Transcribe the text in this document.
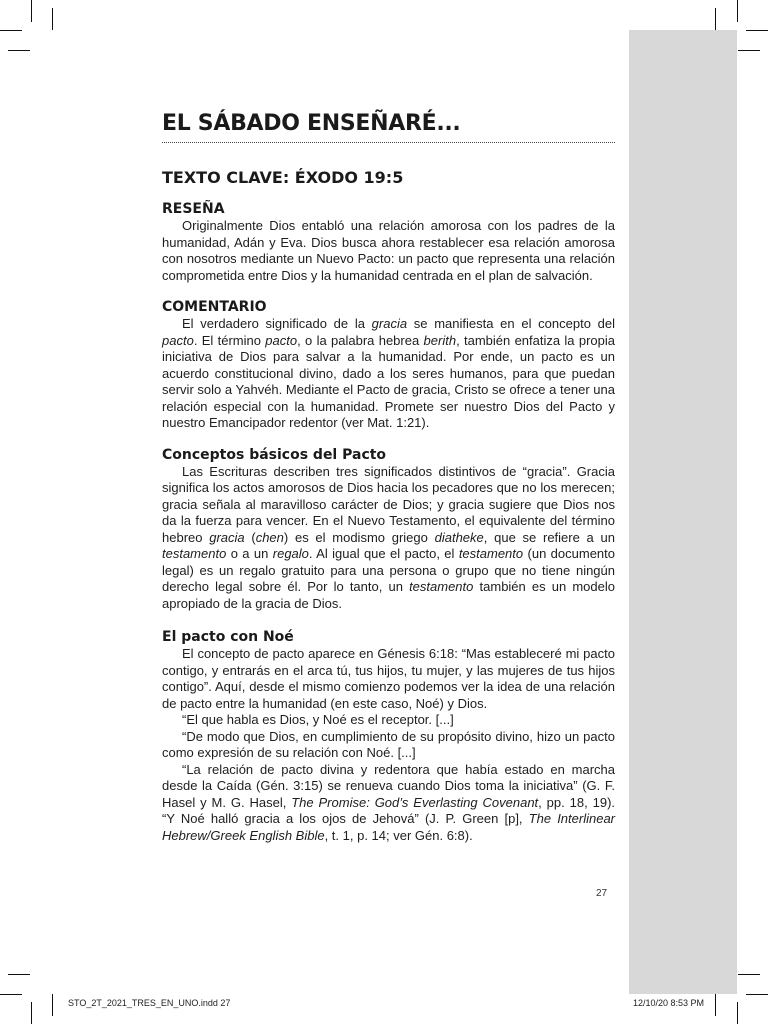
EL SÁBADO ENSEÑARÉ...
TEXTO CLAVE: ÉXODO 19:5
RESEÑA

Originalmente Dios entabló una relación amorosa con los padres de la humanidad, Adán y Eva. Dios busca ahora restablecer esa relación amorosa con nosotros mediante un Nuevo Pacto: un pacto que representa una relación comprometida entre Dios y la humanidad centrada en el plan de salvación.

COMENTARIO

El verdadero significado de la gracia se manifiesta en el concepto del pacto. El término pacto, o la palabra hebrea berith, también enfatiza la propia iniciativa de Dios para salvar a la humanidad. Por ende, un pacto es un acuerdo constitucional divino, dado a los seres humanos, para que puedan servir solo a Yahvéh. Mediante el Pacto de gracia, Cristo se ofrece a tener una relación especial con la humanidad. Promete ser nuestro Dios del Pacto y nuestro Emancipador redentor (ver Mat. 1:21).

Conceptos básicos del Pacto

Las Escrituras describen tres significados distintivos de “gracia”. Gracia significa los actos amorosos de Dios hacia los pecadores que no los merecen; gracia señala al maravilloso carácter de Dios; y gracia sugiere que Dios nos da la fuerza para vencer. En el Nuevo Testamento, el equivalente del término hebreo gracia (chen) es el modismo griego diatheke, que se refiere a un testamento o a un regalo. Al igual que el pacto, el testamento (un documento legal) es un regalo gratuito para una persona o grupo que no tiene ningún derecho legal sobre él. Por lo tanto, un testamento también es un modelo apropiado de la gracia de Dios.

El pacto con Noé

El concepto de pacto aparece en Génesis 6:18: “Mas estableceré mi pacto contigo, y entrarás en el arca tú, tus hijos, tu mujer, y las mujeres de tus hijos contigo”. Aquí, desde el mismo comienzo podemos ver la idea de una relación de pacto entre la humanidad (en este caso, Noé) y Dios.

“El que habla es Dios, y Noé es el receptor. [...]

“De modo que Dios, en cumplimiento de su propósito divino, hizo un pacto como expresión de su relación con Noé. [...]

“La relación de pacto divina y redentora que había estado en marcha desde la Caída (Gén. 3:15) se renueva cuando Dios toma la iniciativa” (G. F. Hasel y M. G. Hasel, The Promise: God’s Everlasting Covenant, pp. 18, 19). “Y Noé halló gracia a los ojos de Jehová” (J. P. Green [p], The Interlinear Hebrew/Greek English Bible, t. 1, p. 14; ver Gén. 6:8).

27
STO_2T_2021_TRES_EN_UNO.indd 27	12/10/20 8:53 PM
